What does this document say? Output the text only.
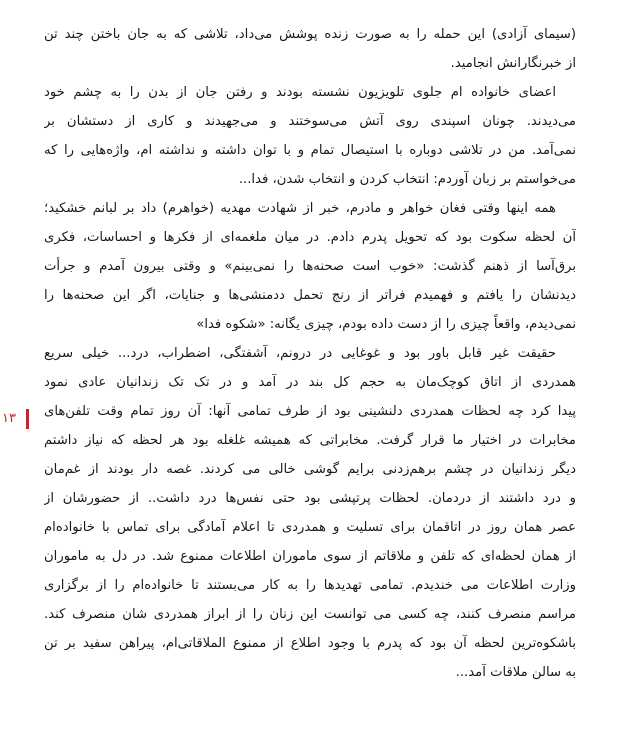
(سیمای آزادی) این حمله را به صورت زنده پوشش می‌داد، تلاشی که به جان باختن چند تن
از خبرنگارانش انجامید.
اعضای خانواده ام جلوی تلویزیون نشسته بودند و رفتن جان از بدن را به چشم خود
می‌دیدند. چونان اسپندی روی آتش می‌سوختند و می‌جهیدند و کاری از دستشان بر
نمی‌آمد. من در تلاشی دوباره با استیصال تمام و با توان داشته و نداشته ام، واژه‌هایی را که
می‌خواستم بر زبان آوردم: انتخاب کردن و انتخاب شدن، فدا...
همه اینها وقتی فغان خواهر و مادرم، خبر از شهادت مهدیه (خواهرم) داد بر لبانم خشکید؛
آن لحظه سکوت بود که تحویل پدرم دادم. در میان ملغمه‌ای از فکرها و احساسات، فکری
برق‌آسا از ذهنم گذشت: «خوب است صحنه‌ها را نمی‌بینم» و وقتی بیرون آمدم و جرأت
دیدنشان را یافتم و فهمیدم فراتر از رنج تحمل ددمنشی‌ها و جنایات، اگر این صحنه‌ها را
نمی‌دیدم، واقعاً چیزی را از دست داده بودم، چیزی یگانه: «شکوه فدا»
حقیقت غیر قابل باور بود و غوغایی در درونم، آشفتگی، اضطراب، درد... خیلی سریع
همدردی از اتاق کوچک‌مان به حجم کل بند در آمد و در تک تک زندانیان عادی نمود
پیدا کرد چه لحظات همدردی دلنشینی بود از طرف تمامی آنها: آن روز تمام وقت تلفن‌های
مخابرات در اختیار ما قرار گرفت. مخابراتی که همیشه غلغله بود هر لحظه که نیاز داشتم
دیگر زندانیان در چشم برهم‌زدنی برایم گوشی خالی می کردند. غصه دار بودند از غم‌مان
و درد داشتند از دردمان. لحظات پرتپشی بود حتی نفس‌ها درد داشت.. از حضورشان از
عصر همان روز در اتاقمان برای تسلیت و همدردی تا اعلام آمادگی برای تماس با خانواده‌ام
از همان لحظه‌ای که تلفن و ملاقاتم از سوی ماموران اطلاعات ممنوع شد. در دل به ماموران
وزارت اطلاعات می خندیدم. تمامی تهدیدها را به کار می‌بستند تا خانواده‌ام را از برگزاری
مراسم منصرف کنند، چه کسی می توانست این زنان را از ابراز همدردی شان منصرف کند.
باشکوه‌ترین لحظه آن بود که پدرم با وجود اطلاع از ممنوع الملاقاتی‌ام، پیراهن سفید بر تن
به سالن ملاقات آمد...
۱۳
